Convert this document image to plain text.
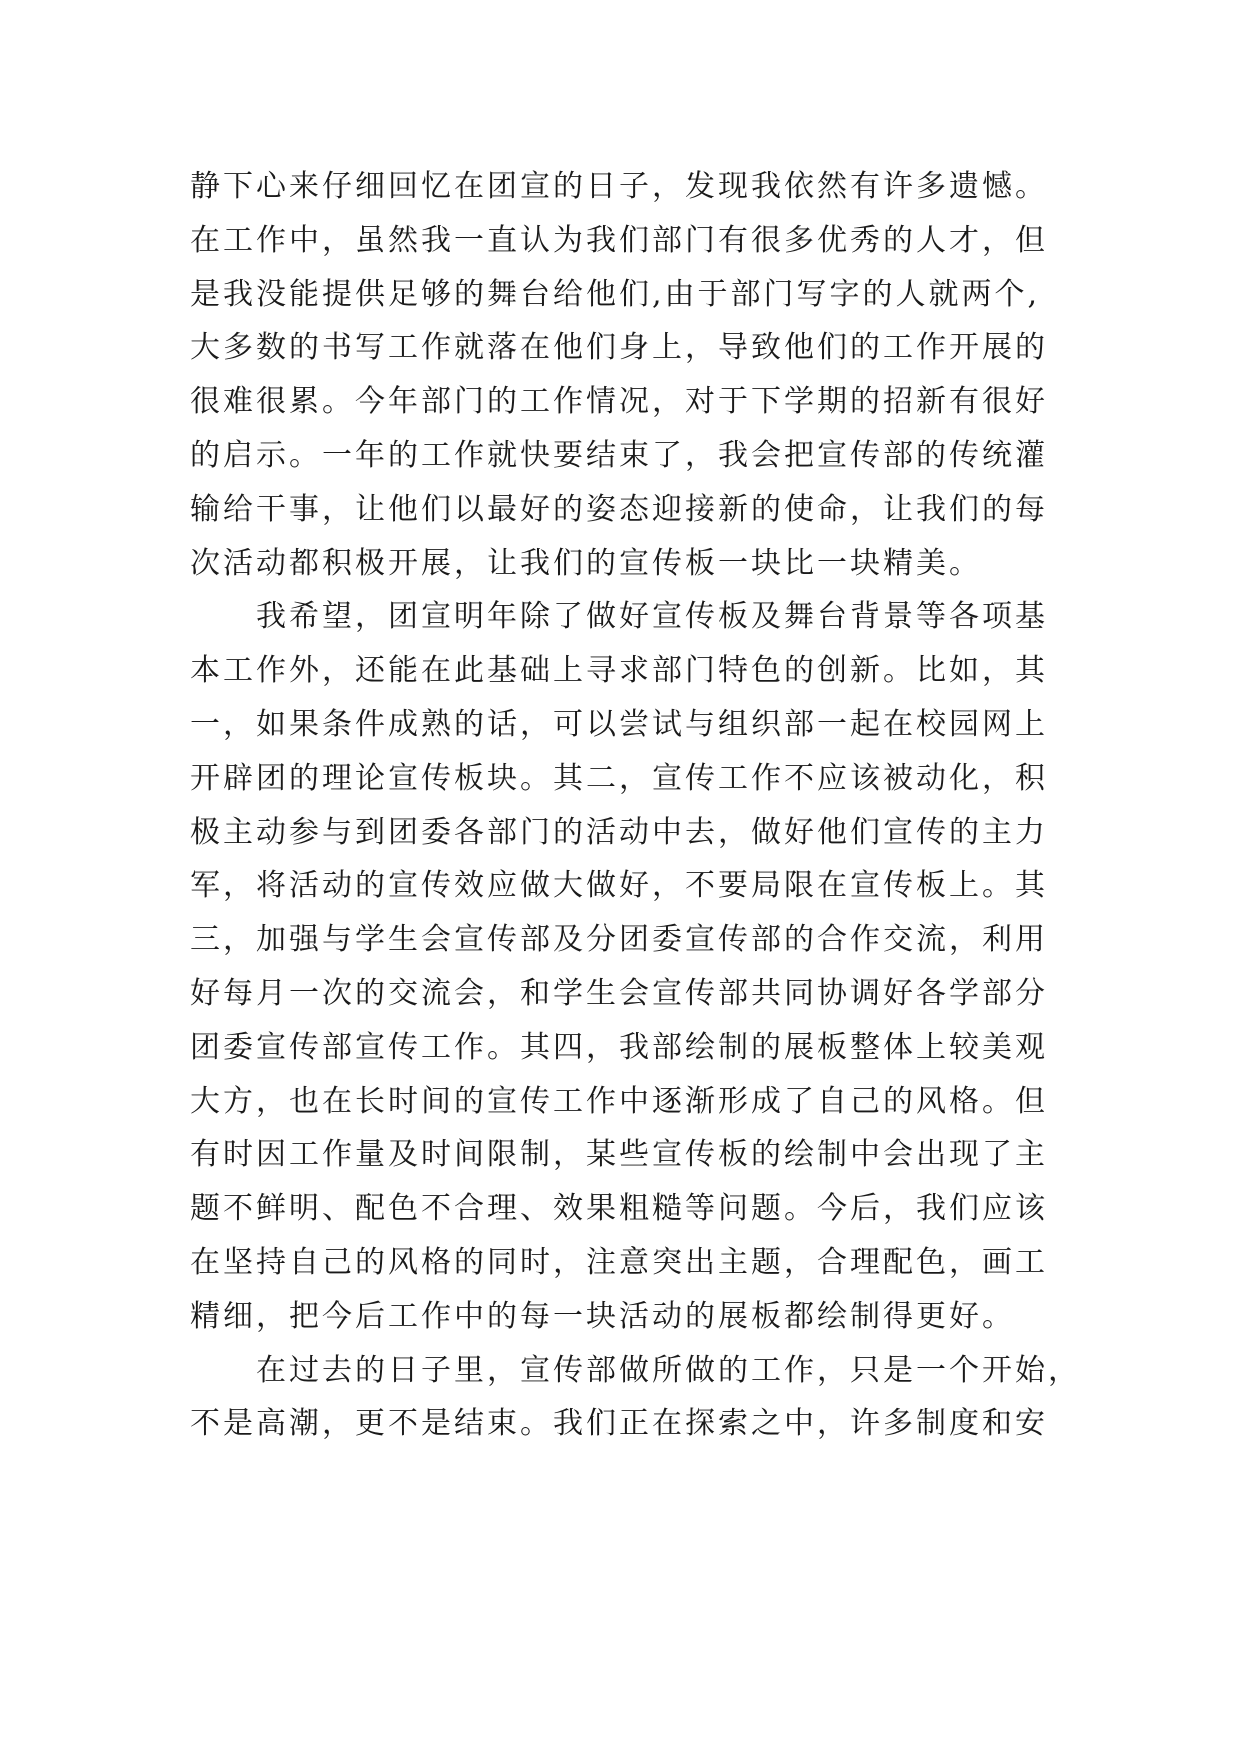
静下心来仔细回忆在团宣的日子，发现我依然有许多遗憾。
在工作中，虽然我一直认为我们部门有很多优秀的人才，但
是我没能提供足够的舞台给他们,由于部门写字的人就两个,
大多数的书写工作就落在他们身上，导致他们的工作开展的
很难很累。今年部门的工作情况，对于下学期的招新有很好
的启示。一年的工作就快要结束了，我会把宣传部的传统灌
输给干事，让他们以最好的姿态迎接新的使命，让我们的每
次活动都积极开展，让我们的宣传板一块比一块精美。
我希望，团宣明年除了做好宣传板及舞台背景等各项基
本工作外，还能在此基础上寻求部门特色的创新。比如，其
一，如果条件成熟的话，可以尝试与组织部一起在校园网上
开辟团的理论宣传板块。其二，宣传工作不应该被动化，积
极主动参与到团委各部门的活动中去，做好他们宣传的主力
军，将活动的宣传效应做大做好，不要局限在宣传板上。其
三，加强与学生会宣传部及分团委宣传部的合作交流，利用
好每月一次的交流会，和学生会宣传部共同协调好各学部分
团委宣传部宣传工作。其四，我部绘制的展板整体上较美观
大方，也在长时间的宣传工作中逐渐形成了自己的风格。但
有时因工作量及时间限制，某些宣传板的绘制中会出现了主
题不鲜明、配色不合理、效果粗糙等问题。今后，我们应该
在坚持自己的风格的同时，注意突出主题，合理配色，画工
精细，把今后工作中的每一块活动的展板都绘制得更好。
在过去的日子里，宣传部做所做的工作，只是一个开始，
不是高潮，更不是结束。我们正在探索之中，许多制度和安
